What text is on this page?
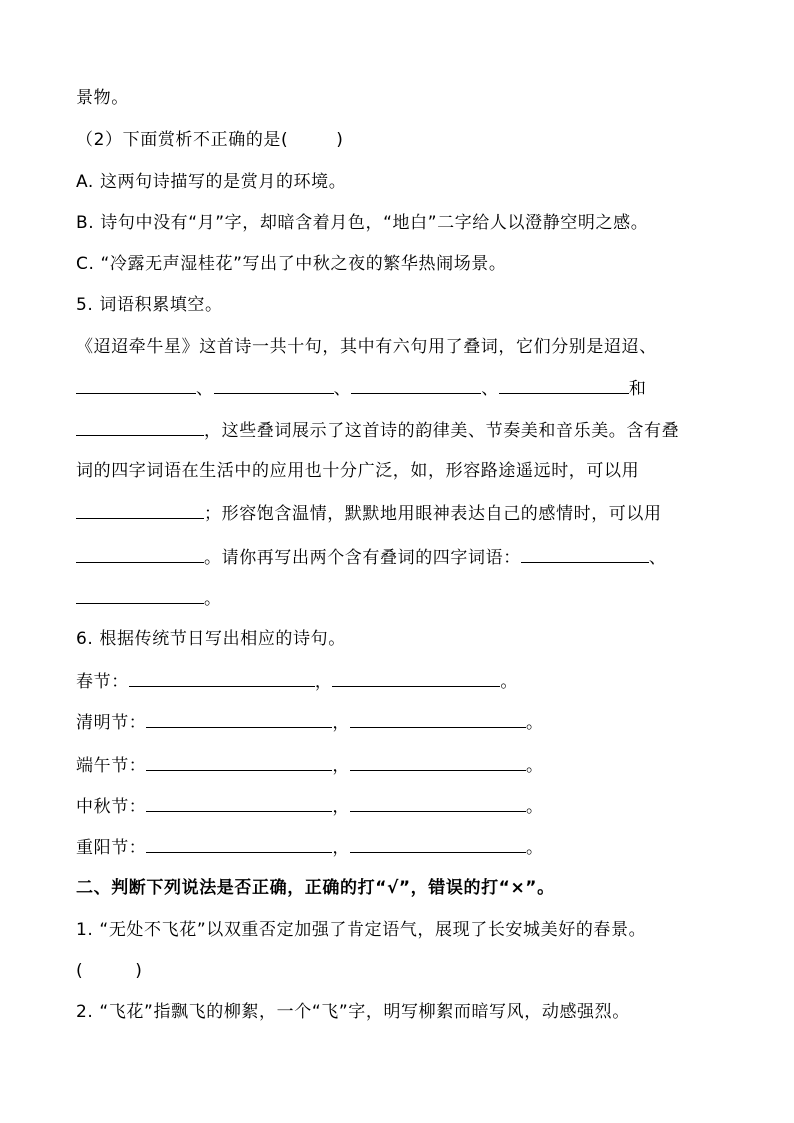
景物。
（2）下面赏析不正确的是(	)
A. 这两句诗描写的是赏月的环境。
B. 诗句中没有“月”字，却暗含着月色，“地白”二字给人以澄静空明之感。
C. “冷露无声湿桂花”写出了中秋之夜的繁华热闹场景。
5. 词语积累填空。
《迢迢牵牛星》这首诗一共十句，其中有六句用了叠词，它们分别是迢迢、
、	、	、	和
，这些叠词展示了这首诗的韵律美、节奏美和音乐美。含有叠
词的四字词语在生活中的应用也十分广泛，如，形容路途遥远时，可以用
；形容饱含温情，默默地用眼神表达自己的感情时，可以用
。请你再写出两个含有叠词的四字词语：	、
。
6. 根据传统节日写出相应的诗句。
春节：	，	。
清明节：	，	。
端午节：	，	。
中秋节：	，	。
重阳节：	，	。
二、判断下列说法是否正确，正确的打“√”，错误的打“×”。
1. “无处不飞花”以双重否定加强了肯定语气，展现了长安城美好的春景。
(	)
2. “飞花”指飘飞的柳絮，一个“飞”字，明写柳絮而暗写风，动感强烈。
